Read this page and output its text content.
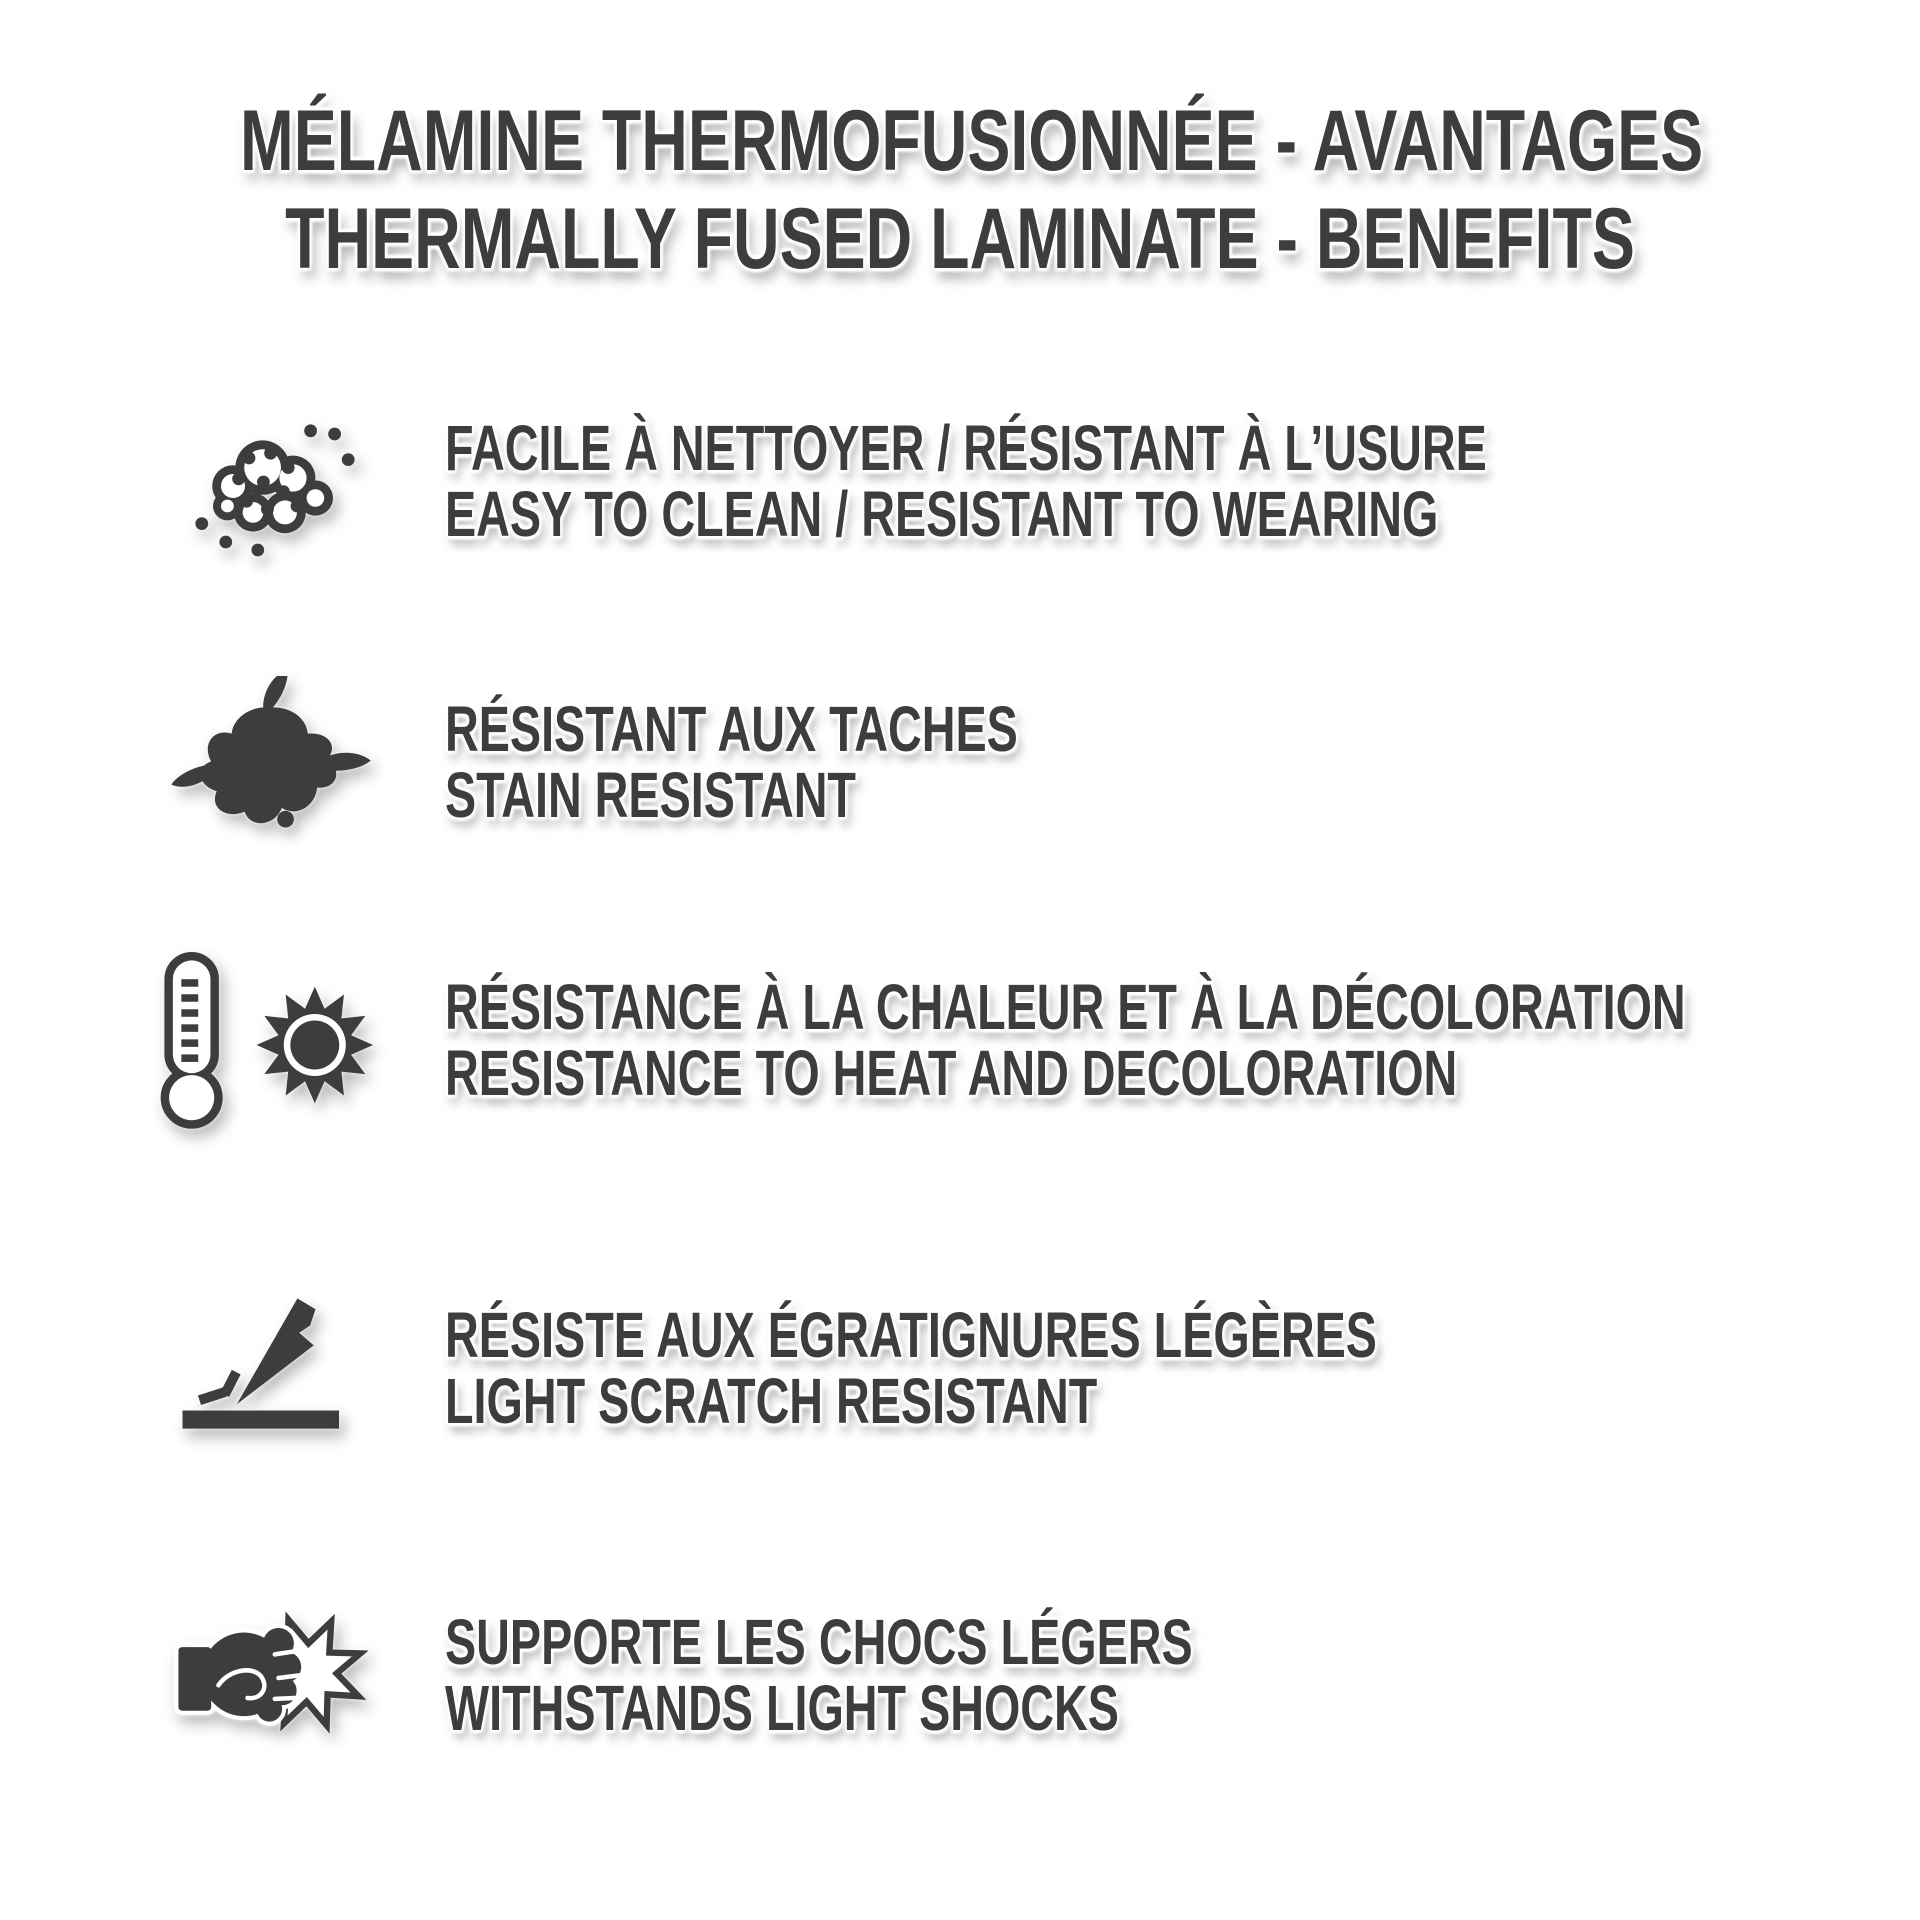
MÉLAMINE THERMOFUSIONNÉE - AVANTAGES
THERMALLY FUSED LAMINATE - BENEFITS
FACILE À NETTOYER / RÉSISTANT À L’USURE
EASY TO CLEAN / RESISTANT TO WEARING
RÉSISTANT AUX TACHES
STAIN RESISTANT
RÉSISTANCE À LA CHALEUR ET À LA DÉCOLORATION
RESISTANCE TO HEAT AND DECOLORATION
RÉSISTE AUX ÉGRATIGNURES LÉGÈRES
LIGHT SCRATCH RESISTANT
SUPPORTE LES CHOCS LÉGERS
WITHSTANDS LIGHT SHOCKS
